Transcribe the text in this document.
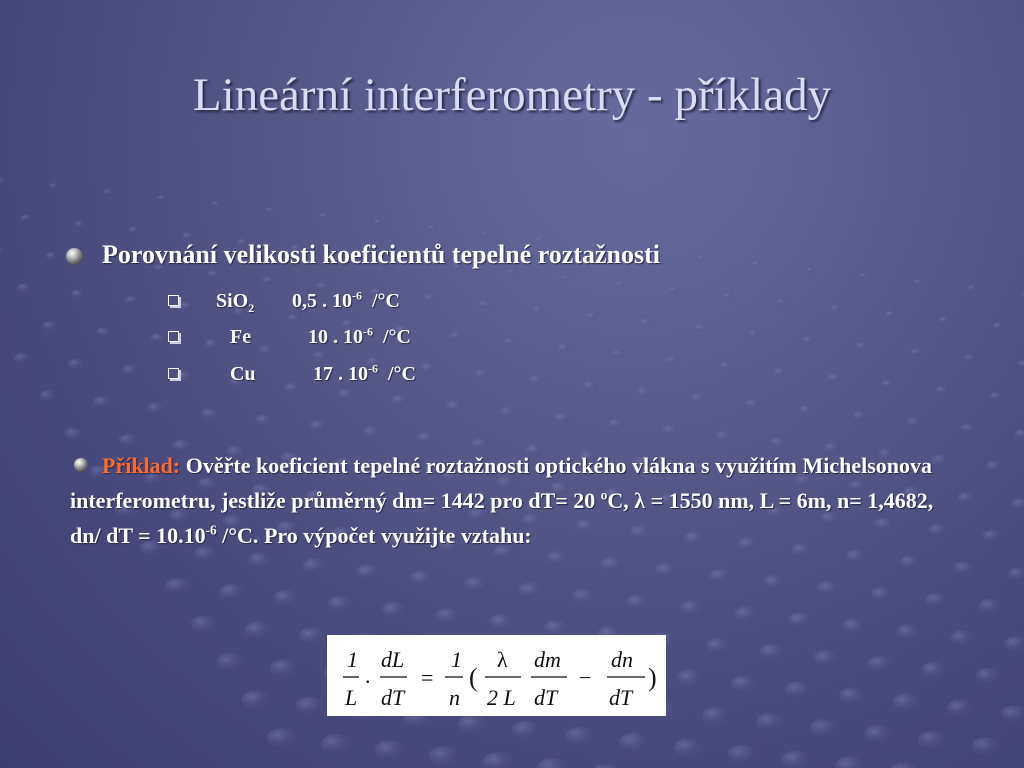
Lineární interferometry - příklady
Porovnání velikosti koeficientů tepelné roztažnosti
SiO$_2$ 0,5 . $10^{-6}$ /°C
Fe	10 . $10^{-6}$ /°C
Cu	17 . $10^{-6}$ /°C
Příklad: Ověřte koeficient tepelné roztažnosti optického vlákna s využitím Michelsonova interferometru, jestliže průměrný dm= 1442 pro dT= 20 $^o$C, λ = 1550 nm, L = 6m, n= 1,4682, dn/ dT = $10.10^{-6}$ /°C. Pro výpočet využijte vztahu:
1
L
.
dL
dT
=
1
n
(
λ
2 L
dm
dT
−
dn
dT
)
